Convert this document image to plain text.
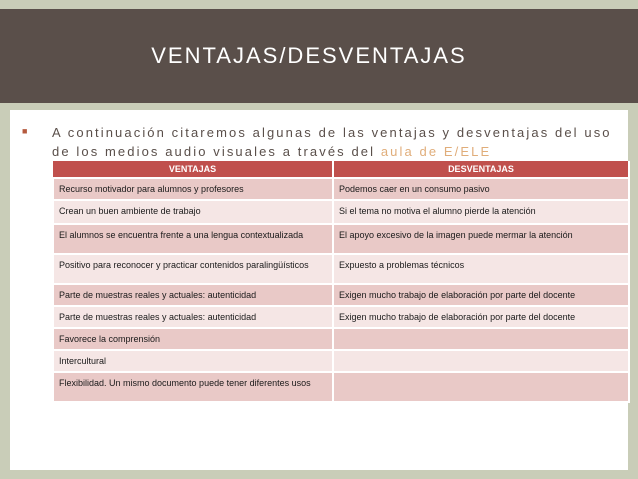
VENTAJAS/DESVENTAJAS
■ A continuación citaremos algunas de las ventajas y desventajas del uso de los medios audio visuales a través del aula de E/ELE
VENTAJAS	DESVENTAJAS
Recurso motivador para alumnos y profesores	Podemos caer en un consumo pasivo
Crean un buen ambiente de trabajo	Si el tema no motiva el alumno pierde la atención
El alumnos se encuentra frente a una lengua contextualizada	El apoyo excesivo de la imagen puede mermar la atención
Positivo para reconocer y practicar contenidos paralingüísticos	Expuesto a problemas técnicos
Parte de muestras reales y actuales: autenticidad	Exigen mucho trabajo de elaboración por parte del docente
Parte de muestras reales y actuales: autenticidad	Exigen mucho trabajo de elaboración por parte del docente
Favorece la comprensión	
Intercultural	
Flexibilidad. Un mismo documento puede tener diferentes usos	
